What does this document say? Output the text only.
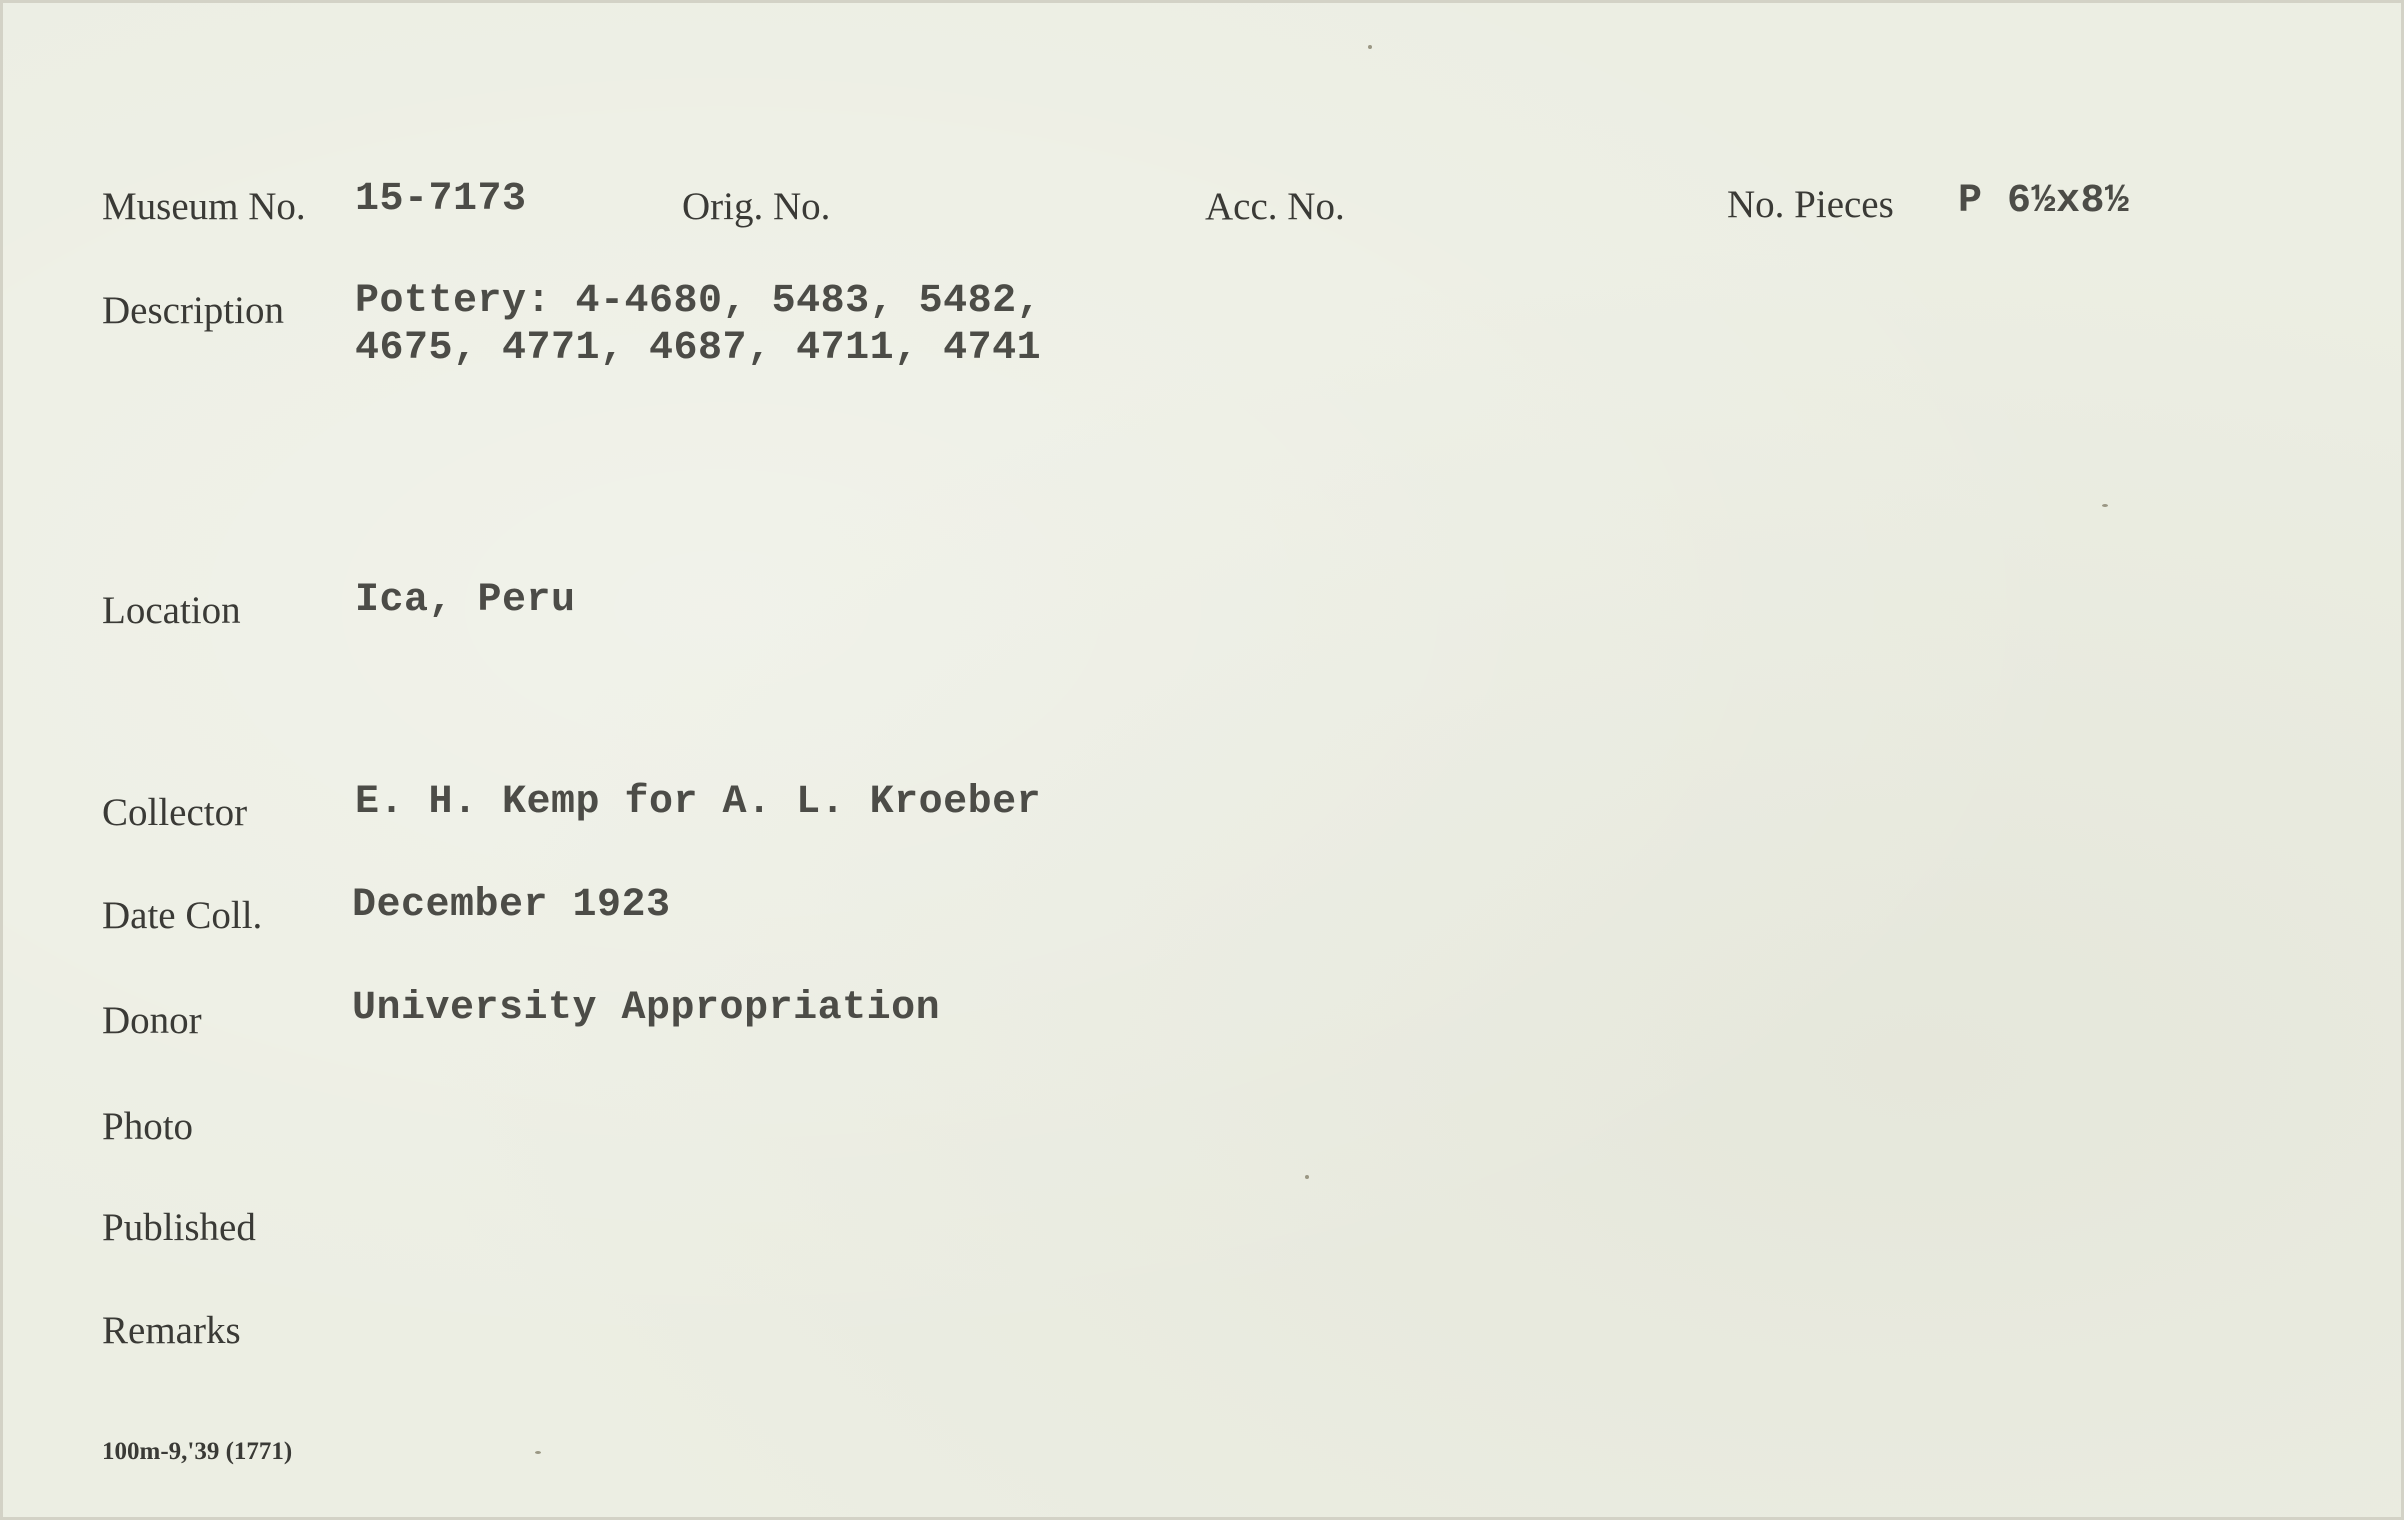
Museum No. 15-7173	Orig. No.	Acc. No.	No. Pieces P 6½x8½
Description Pottery: 4-4680, 5483, 5482,
4675, 4771, 4687, 4711, 4741
Location	Ica, Peru
Collector	E. H. Kemp for A. L. Kroeber
Date Coll. December 1923
Donor	University Appropriation
Photo
Published
Remarks
100m-9,'39 (1771)
